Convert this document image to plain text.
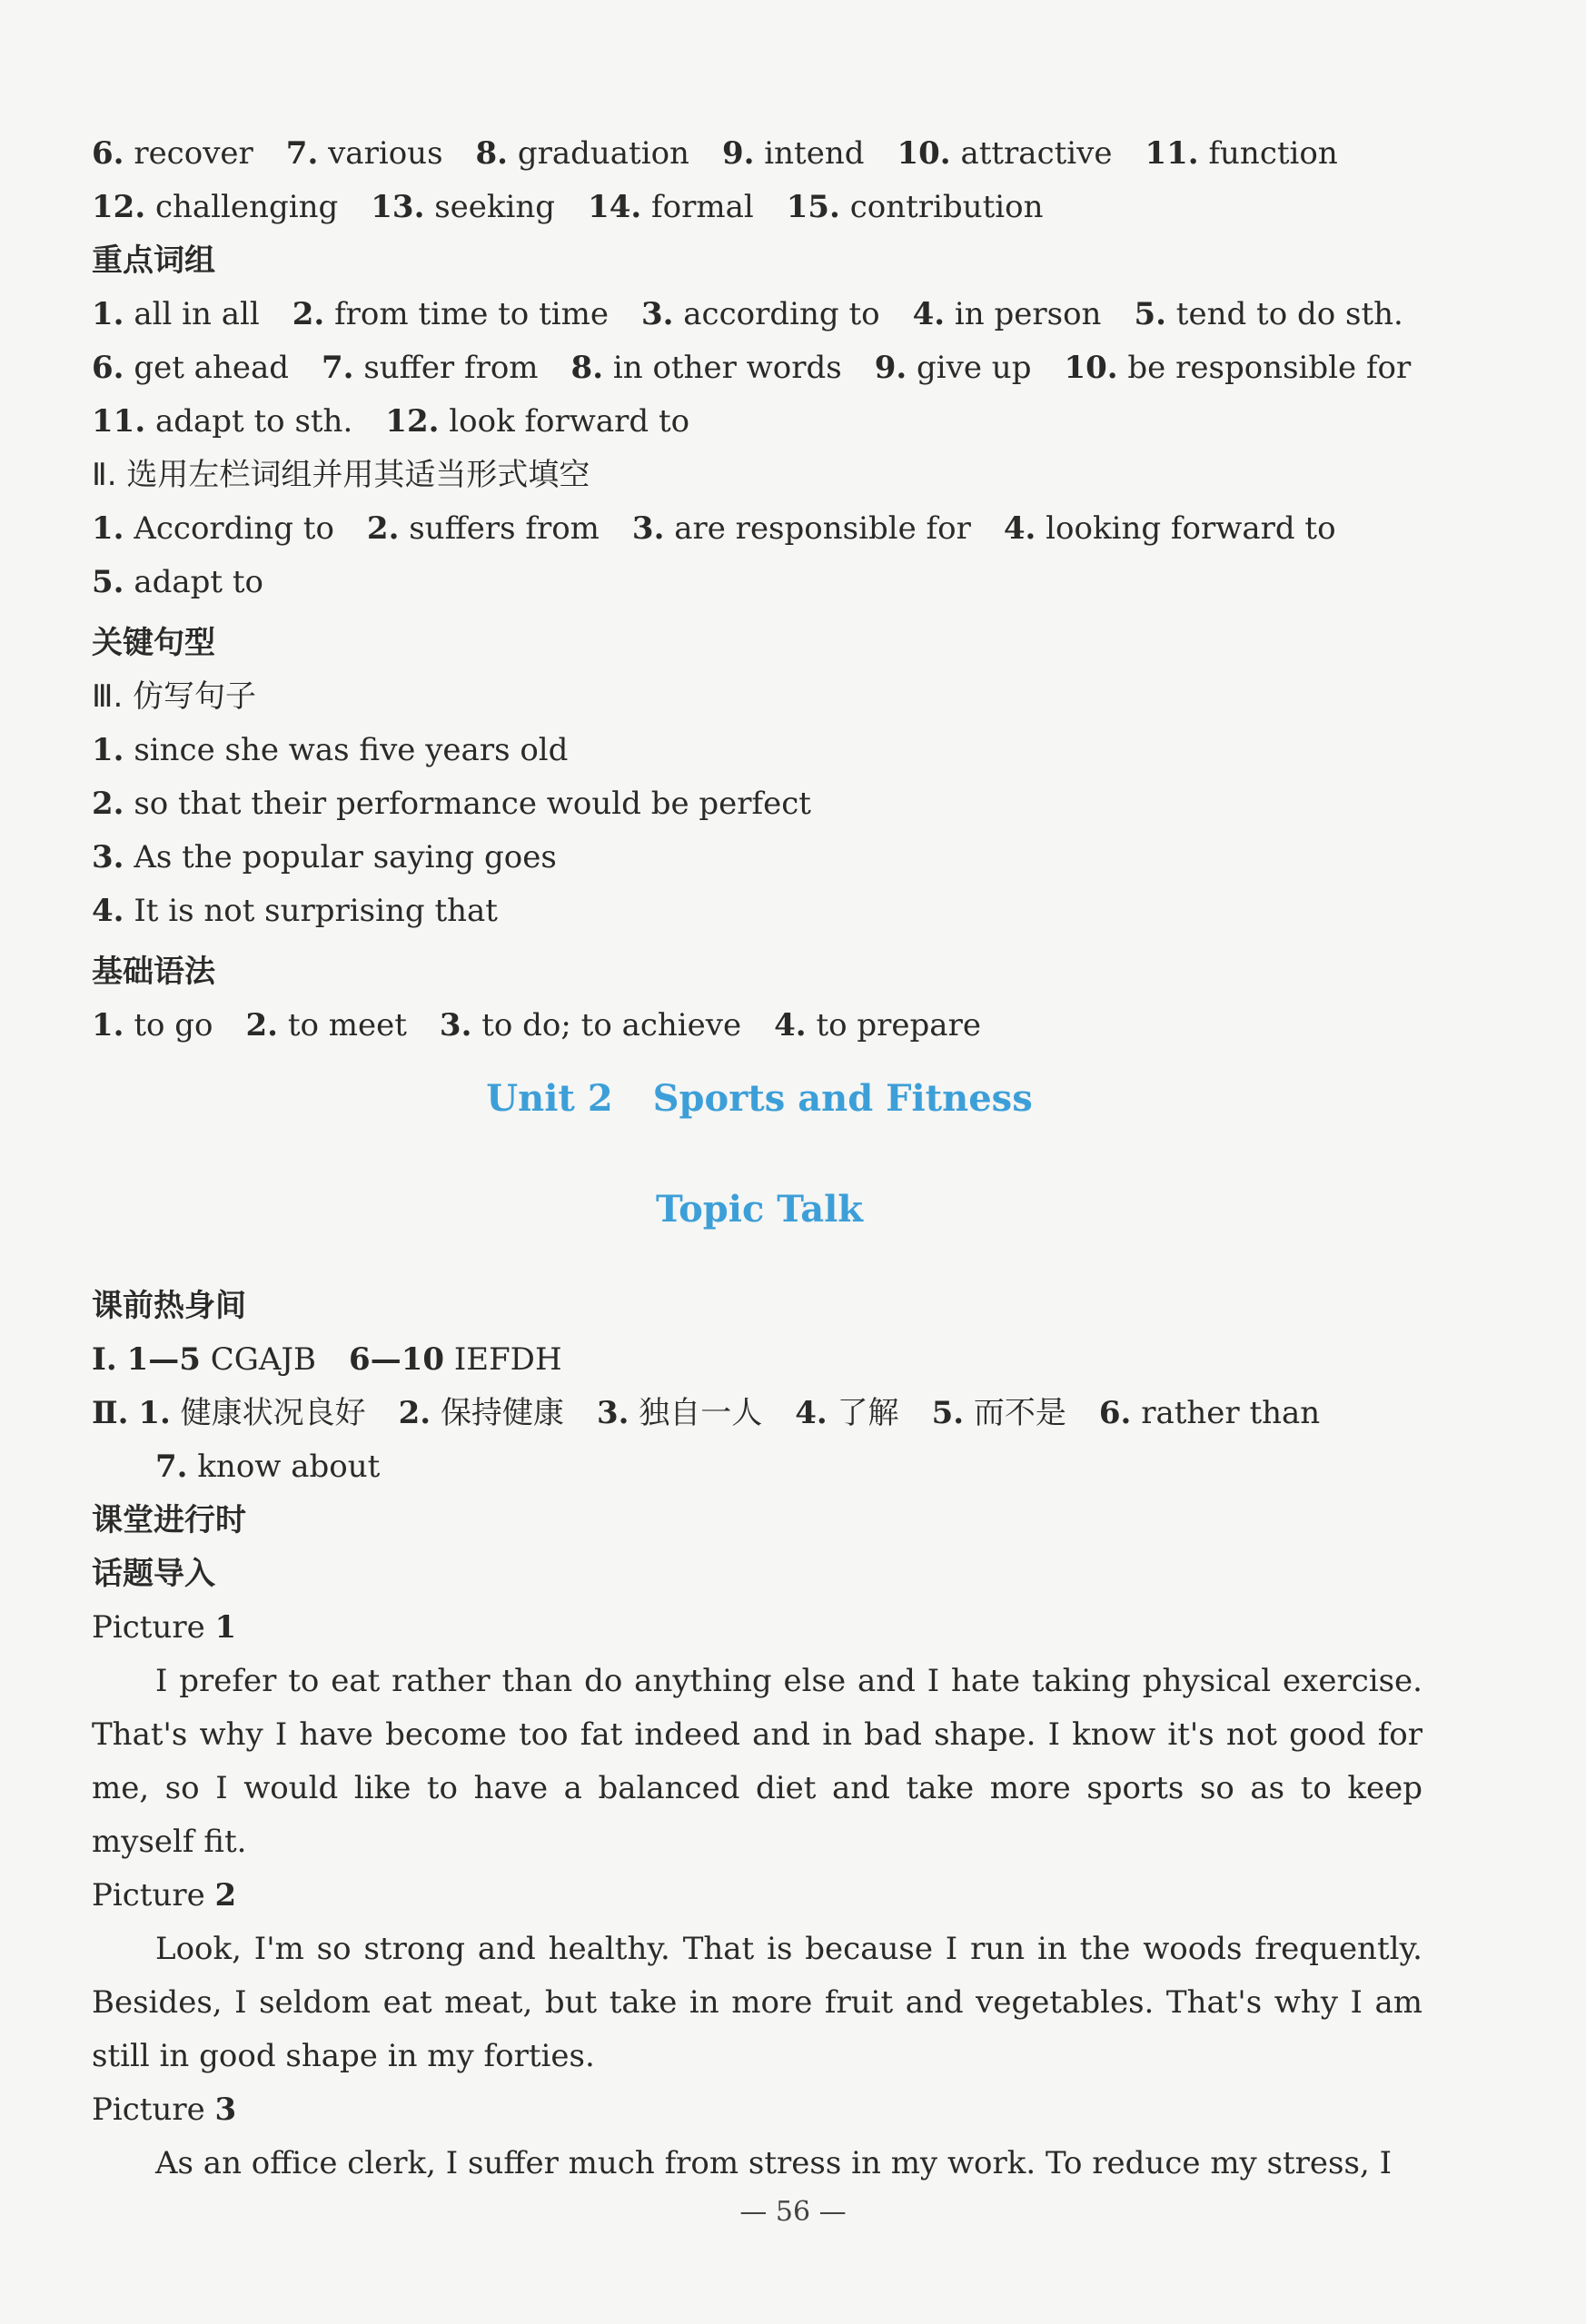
6. recover 7. various 8. graduation 9. intend 10. attractive 11. function
12. challenging 13. seeking 14. formal 15. contribution
重点词组
1. all in all 2. from time to time 3. according to 4. in person 5. tend to do sth.
6. get ahead 7. suffer from 8. in other words 9. give up 10. be responsible for
11. adapt to sth. 12. look forward to
Ⅱ. 选用左栏词组并用其适当形式填空
1. According to 2. suffers from 3. are responsible for 4. looking forward to
5. adapt to
关键句型
Ⅲ. 仿写句子
1. since she was five years old
2. so that their performance would be perfect
3. As the popular saying goes
4. It is not surprising that
基础语法
1. to go 2. to meet 3. to do; to achieve 4. to prepare
Unit 2 Sports and Fitness
Topic Talk
课前热身间
Ⅰ. 1—5 CGAJB 6—10 IEFDH
Ⅱ. 1. 健康状况良好 2. 保持健康 3. 独自一人 4. 了解 5. 而不是 6. rather than
7. know about
课堂进行时
话题导入
Picture 1
I prefer to eat rather than do anything else and I hate taking physical exercise. That's why I have become too fat indeed and in bad shape. I know it's not good for me, so I would like to have a balanced diet and take more sports so as to keep myself fit.
Picture 2
Look, I'm so strong and healthy. That is because I run in the woods frequently. Besides, I seldom eat meat, but take in more fruit and vegetables. That's why I am still in good shape in my forties.
Picture 3
As an office clerk, I suffer much from stress in my work. To reduce my stress, I
— 56 —
